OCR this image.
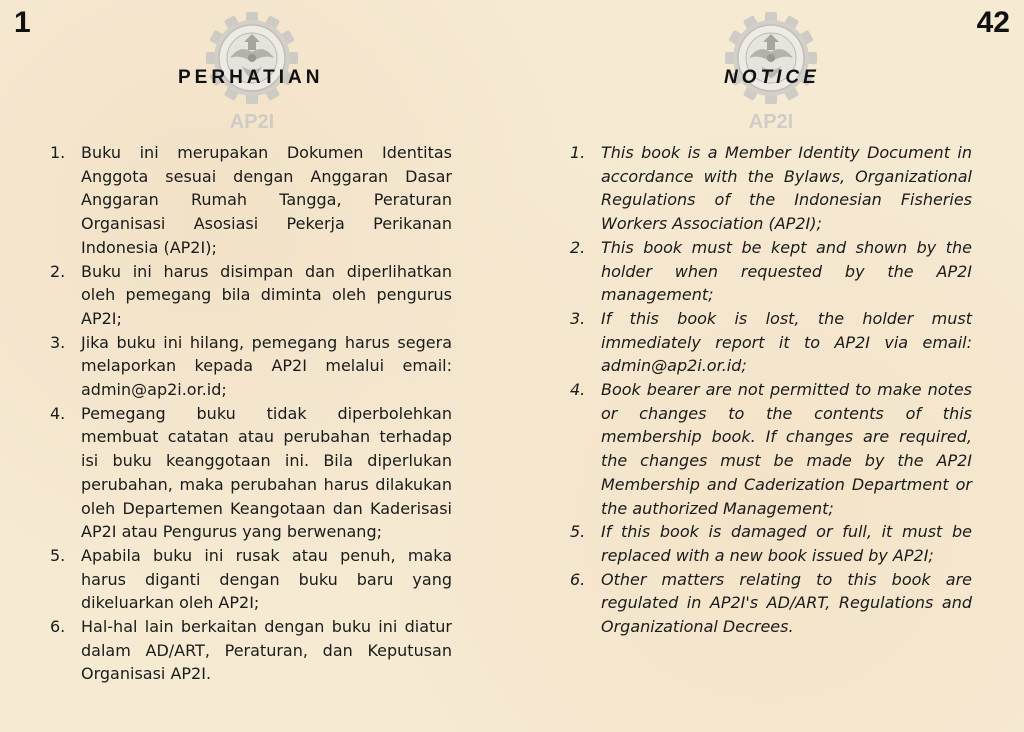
1
AP2I
PERHATIAN
1. Buku ini merupakan Dokumen Identitas Anggota sesuai dengan Anggaran Dasar Anggaran Rumah Tangga, Peraturan Organisasi Asosiasi Pekerja Perikanan Indonesia (AP2I);
2. Buku ini harus disimpan dan diperlihatkan oleh pemegang bila diminta oleh pengurus AP2I;
3. Jika buku ini hilang, pemegang harus segera melaporkan kepada AP2I melalui email: admin@ap2i.or.id;
4. Pemegang buku tidak diperbolehkan membuat catatan atau perubahan terhadap isi buku keanggotaan ini. Bila diperlukan perubahan, maka perubahan harus dilakukan oleh Departemen Keangotaan dan Kaderisasi AP2I atau Pengurus yang berwenang;
5. Apabila buku ini rusak atau penuh, maka harus diganti dengan buku baru yang dikeluarkan oleh AP2I;
6. Hal-hal lain berkaitan dengan buku ini diatur dalam AD/ART, Peraturan, dan Keputusan Organisasi AP2I.
42
AP2I
NOTICE
1. This book is a Member Identity Document in accordance with the Bylaws, Organizational Regulations of the Indonesian Fisheries Workers Association (AP2I);
2. This book must be kept and shown by the holder when requested by the AP2I management;
3. If this book is lost, the holder must immediately report it to AP2I via email: admin@ap2i.or.id;
4. Book bearer are not permitted to make notes or changes to the contents of this membership book. If changes are required, the changes must be made by the AP2I Membership and Caderization Department or the authorized Management;
5. If this book is damaged or full, it must be replaced with a new book issued by AP2I;
6. Other matters relating to this book are regulated in AP2I's AD/ART, Regulations and Organizational Decrees.
